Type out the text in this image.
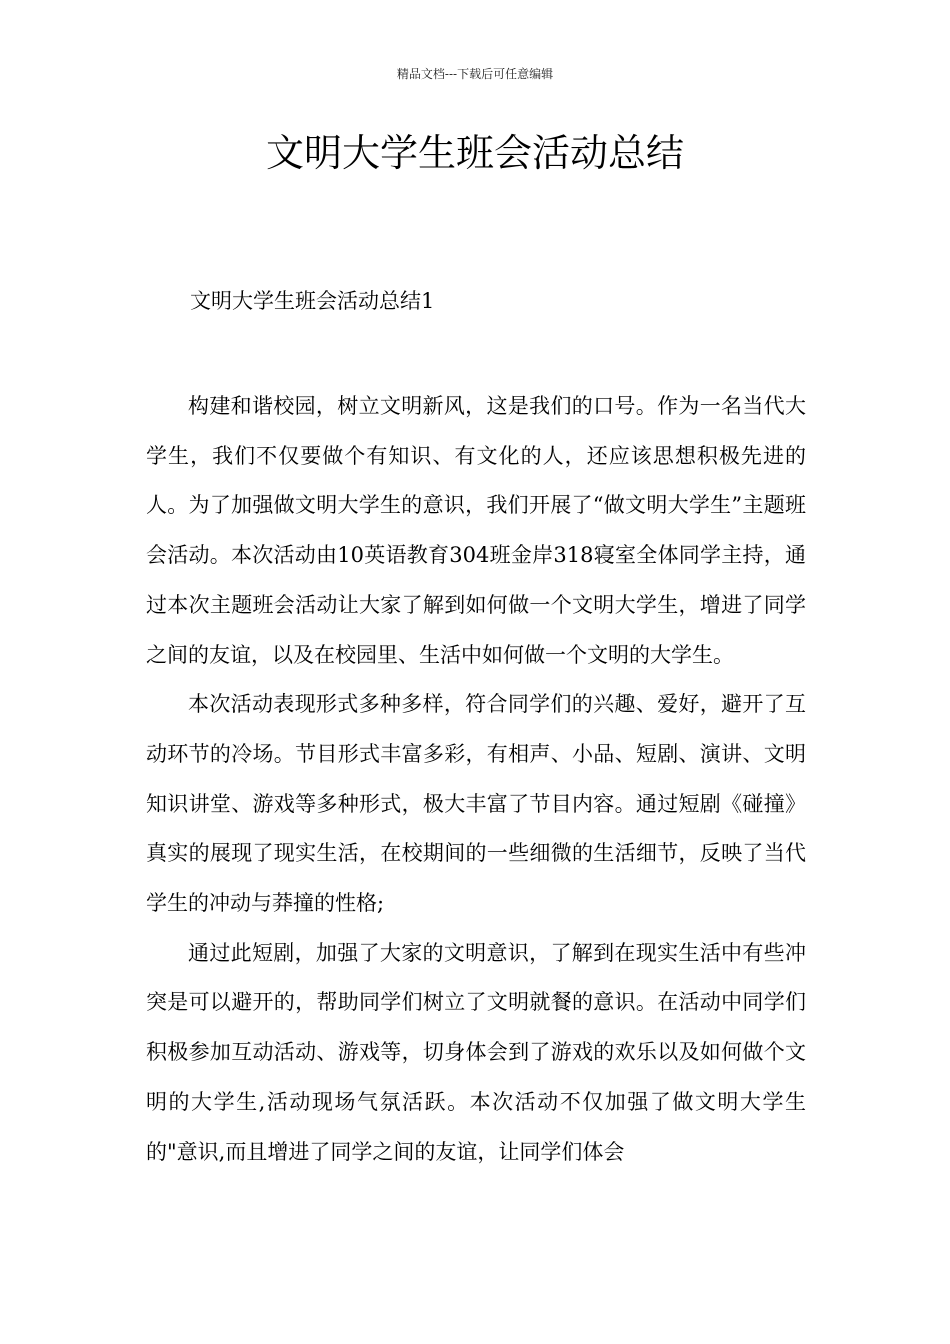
精品文档---下载后可任意编辑
文明大学生班会活动总结
文明大学生班会活动总结1

构建和谐校园，树立文明新风，这是我们的口号。作为一名当代大学生，我们不仅要做个有知识、有文化的人，还应该思想积极先进的人。为了加强做文明大学生的意识，我们开展了“做文明大学生”主题班会活动。本次活动由10英语教育304班金岸318寝室全体同学主持，通过本次主题班会活动让大家了解到如何做一个文明大学生，增进了同学之间的友谊，以及在校园里、生活中如何做一个文明的大学生。

本次活动表现形式多种多样，符合同学们的兴趣、爱好，避开了互动环节的冷场。节目形式丰富多彩，有相声、小品、短剧、演讲、文明知识讲堂、游戏等多种形式，极大丰富了节目内容。通过短剧《碰撞》真实的展现了现实生活，在校期间的一些细微的生活细节，反映了当代学生的冲动与莽撞的性格;

通过此短剧，加强了大家的文明意识，了解到在现实生活中有些冲突是可以避开的，帮助同学们树立了文明就餐的意识。在活动中同学们积极参加互动活动、游戏等，切身体会到了游戏的欢乐以及如何做个文明的大学生,活动现场气氛活跃。本次活动不仅加强了做文明大学生的"意识,而且增进了同学之间的友谊，让同学们体会
